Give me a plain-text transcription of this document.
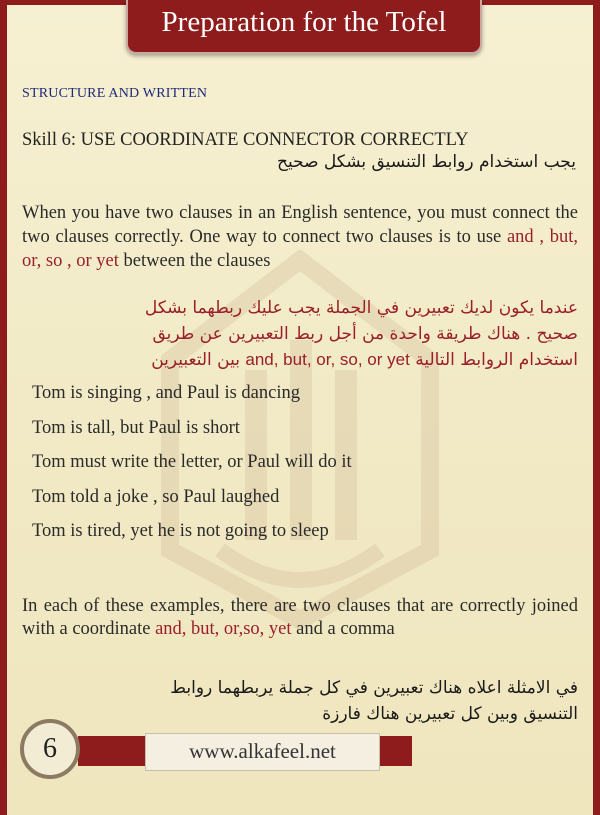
Preparation for the Tofel
STRUCTURE AND WRITTEN
Skill 6: USE COORDINATE CONNECTOR CORRECTLY
يجب استخدام روابط التنسيق بشكل صحيح
When you have two clauses in an English sentence, you must connect the two clauses correctly. One way to connect two clauses is to use and , but, or, so , or yet between the clauses
عندما يكون لديك تعبيرين في الجملة يجب عليك ربطهما بشكل
صحيح . هناك طريقة واحدة من أجل ربط التعبيرين عن طريق
استخدام الروابط التالية and, but, or, so, or yet بين التعبيرين
Tom is singing , and Paul is dancing
Tom is tall, but Paul is short
Tom must write the letter, or Paul will do it
Tom told a joke , so Paul laughed
Tom is tired, yet he is not going to sleep
In each of these examples, there are two clauses that are correctly joined with a coordinate and, but, or,so, yet and a comma
في الامثلة اعلاه هناك تعبيرين في كل جملة يربطهما روابط
التنسيق وبين كل تعبيرين هناك فارزة
www.alkafeel.net
6
